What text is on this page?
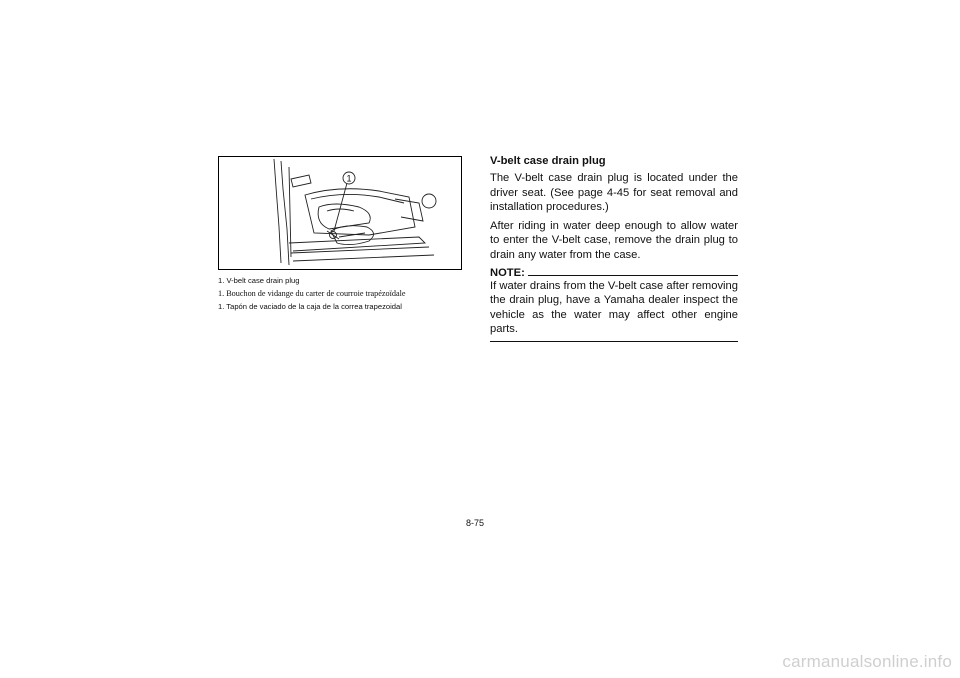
1
1. V-belt case drain plug
1. Bouchon de vidange du carter de courroie trapézoïdale
1. Tapón de vaciado de la caja de la correa trapezoidal
V-belt case drain plug

The V-belt case drain plug is located under the driver seat. (See page 4-45 for seat removal and installation procedures.)

After riding in water deep enough to allow water to enter the V-belt case, remove the drain plug to drain any water from the case.

NOTE:

If water drains from the V-belt case after removing the drain plug, have a Yamaha dealer inspect the vehicle as the water may affect other engine parts.

8-75
carmanualsonline.info
